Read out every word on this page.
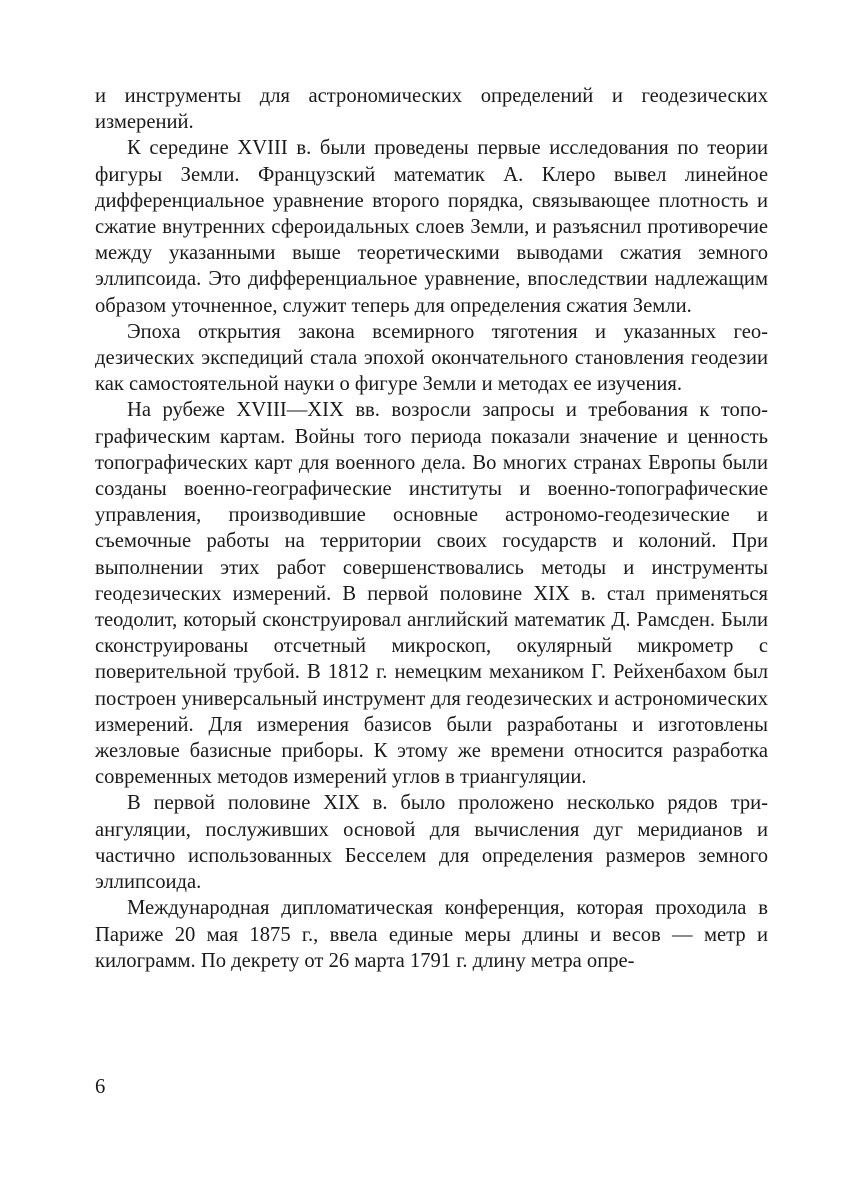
и инструменты для астрономических определений и геодезических измерений.

К середине XVIII в. были проведены первые исследования по теории фигуры Земли. Французский математик А. Клеро вывел линейное дифференциальное уравнение второго порядка, связывающее плотность и сжатие внутренних сфероидальных слоев Земли, и разъяснил противоречие между указанными выше теоретическими выводами сжатия земного эллипсоида. Это дифференциальное уравнение, впоследствии надлежащим образом уточненное, служит теперь для определения сжатия Земли.

Эпоха открытия закона всемирного тяготения и указанных геодезических экспедиций стала эпохой окончательного становления геодезии как самостоятельной науки о фигуре Земли и методах ее изучения.

На рубеже XVIII—XIX вв. возросли запросы и требования к топографическим картам. Войны того периода показали значение и ценность топографических карт для военного дела. Во многих странах Европы были созданы военно-географические институты и военно-топографические управления, производившие основные астрономо-геодезические и съемочные работы на территории своих государств и колоний. При выполнении этих работ совершенствовались методы и инструменты геодезических измерений. В первой половине XIX в. стал применяться теодолит, который сконструировал английский математик Д. Рамсден. Были сконструированы отсчетный микроскоп, окулярный микрометр с поверительной трубой. В 1812 г. немецким механиком Г. Рейхенбахом был построен универсальный инструмент для геодезических и астрономических измерений. Для измерения базисов были разработаны и изготовлены жезловые базисные приборы. К этому же времени относится разработка современных методов измерений углов в триангуляции.

В первой половине XIX в. было проложено несколько рядов триангуляции, послуживших основой для вычисления дуг меридианов и частично использованных Бесселем для определения размеров земного эллипсоида.

Международная дипломатическая конференция, которая проходила в Париже 20 мая 1875 г., ввела единые меры длины и весов — метр и килограмм. По декрету от 26 марта 1791 г. длину метра опре-

6
